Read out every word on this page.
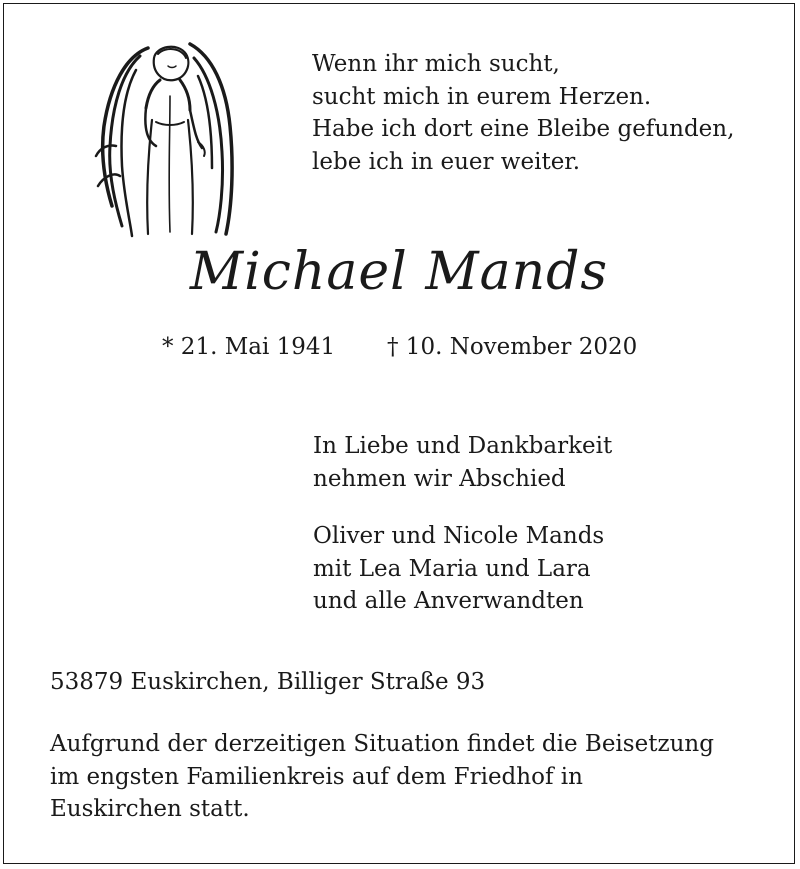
Wenn ihr mich sucht,
sucht mich in eurem Herzen.
Habe ich dort eine Bleibe gefunden,
lebe ich in euer weiter.
Michael Mands
* 21. Mai 1941 † 10. November 2020
In Liebe und Dankbarkeit
nehmen wir Abschied
Oliver und Nicole Mands
mit Lea Maria und Lara
und alle Anverwandten
53879 Euskirchen, Billiger Straße 93
Aufgrund der derzeitigen Situation findet die Beisetzung
im engsten Familienkreis auf dem Friedhof in
Euskirchen statt.
